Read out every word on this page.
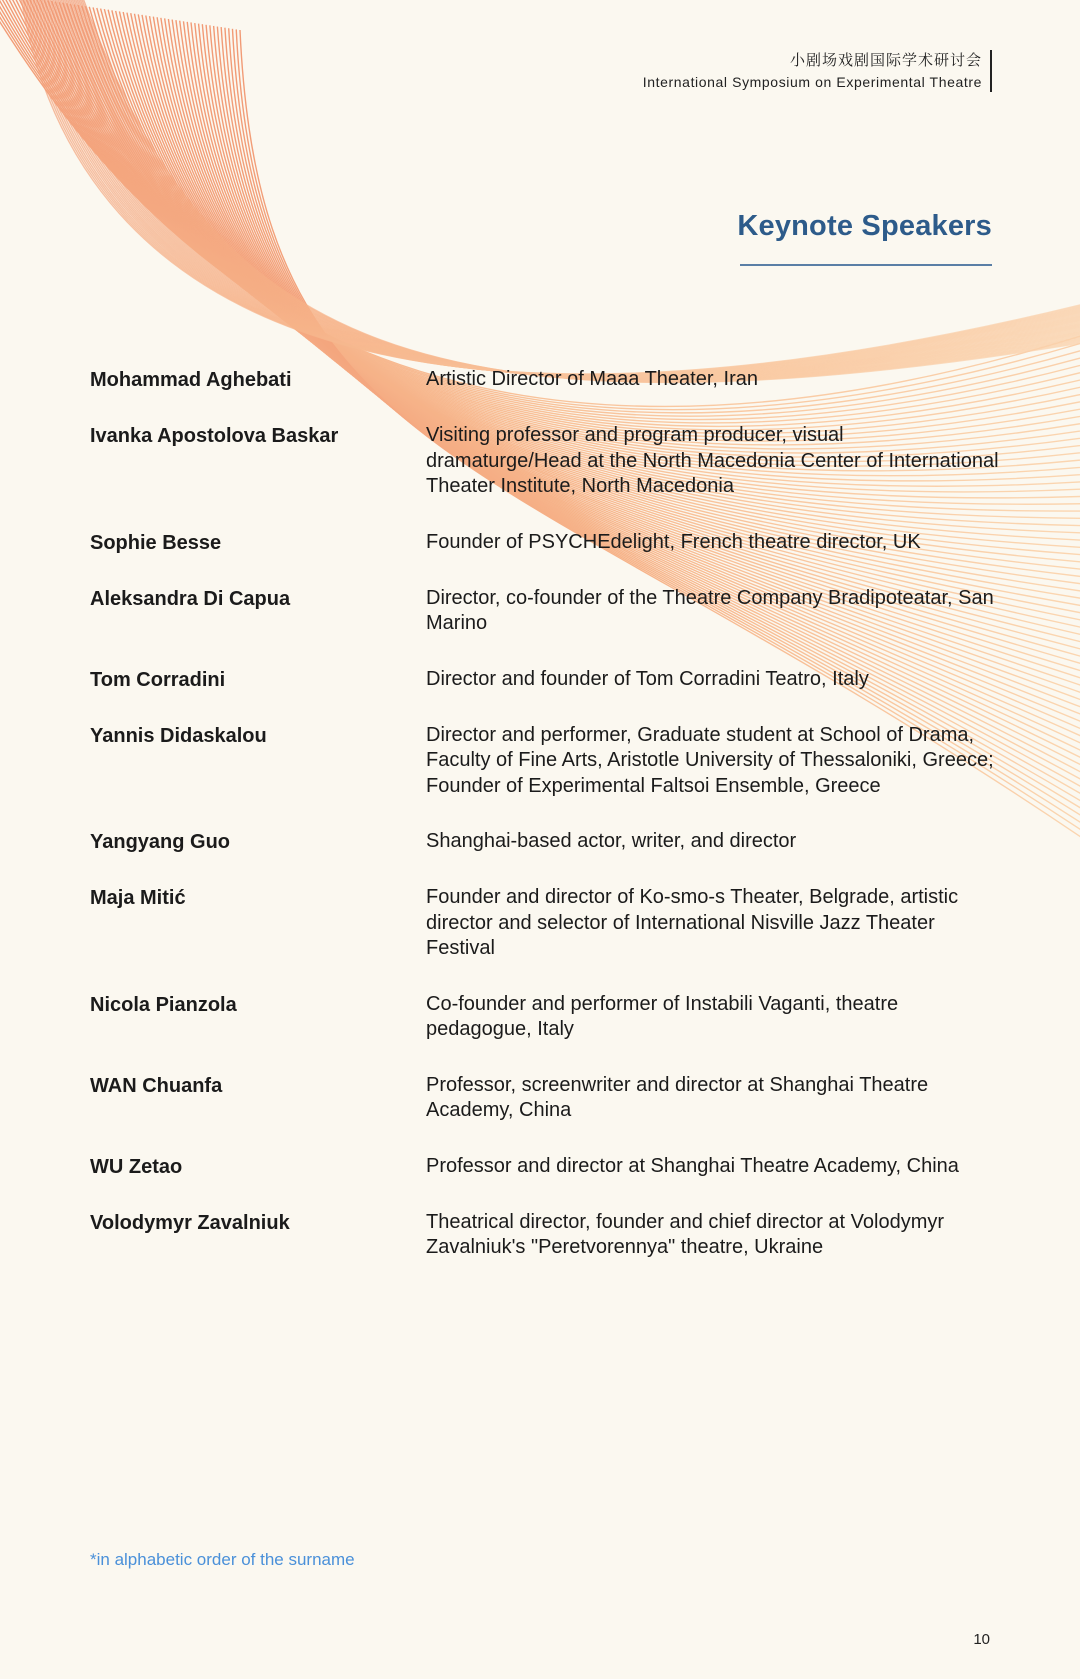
小剧场戏剧国际学术研讨会
International Symposium on Experimental Theatre
Keynote Speakers
Mohammad Aghebati	Artistic Director of Maaa Theater, Iran
Ivanka Apostolova Baskar	Visiting professor and program producer, visual dramaturge/Head at the North Macedonia Center of International Theater Institute, North Macedonia
Sophie Besse	Founder of PSYCHEdelight, French theatre director, UK
Aleksandra Di Capua	Director, co-founder of the Theatre Company Bradipoteatar, San Marino
Tom Corradini	Director and founder of Tom Corradini Teatro, Italy
Yannis Didaskalou	Director and performer, Graduate student at School of Drama, Faculty of Fine Arts, Aristotle University of Thessaloniki, Greece; Founder of Experimental Faltsoi Ensemble, Greece
Yangyang Guo	Shanghai-based actor, writer, and director
Maja Mitić	Founder and director of Ko-smo-s Theater, Belgrade, artistic director and selector of International Nisville Jazz Theater Festival
Nicola Pianzola	Co-founder and performer of Instabili Vaganti, theatre pedagogue, Italy
WAN Chuanfa	Professor, screenwriter and director at Shanghai Theatre Academy, China
WU Zetao	Professor and director at Shanghai Theatre Academy, China
Volodymyr Zavalniuk	Theatrical director, founder and chief director at Volodymyr Zavalniuk's "Peretvorennya" theatre, Ukraine
*in alphabetic order of the surname
10
